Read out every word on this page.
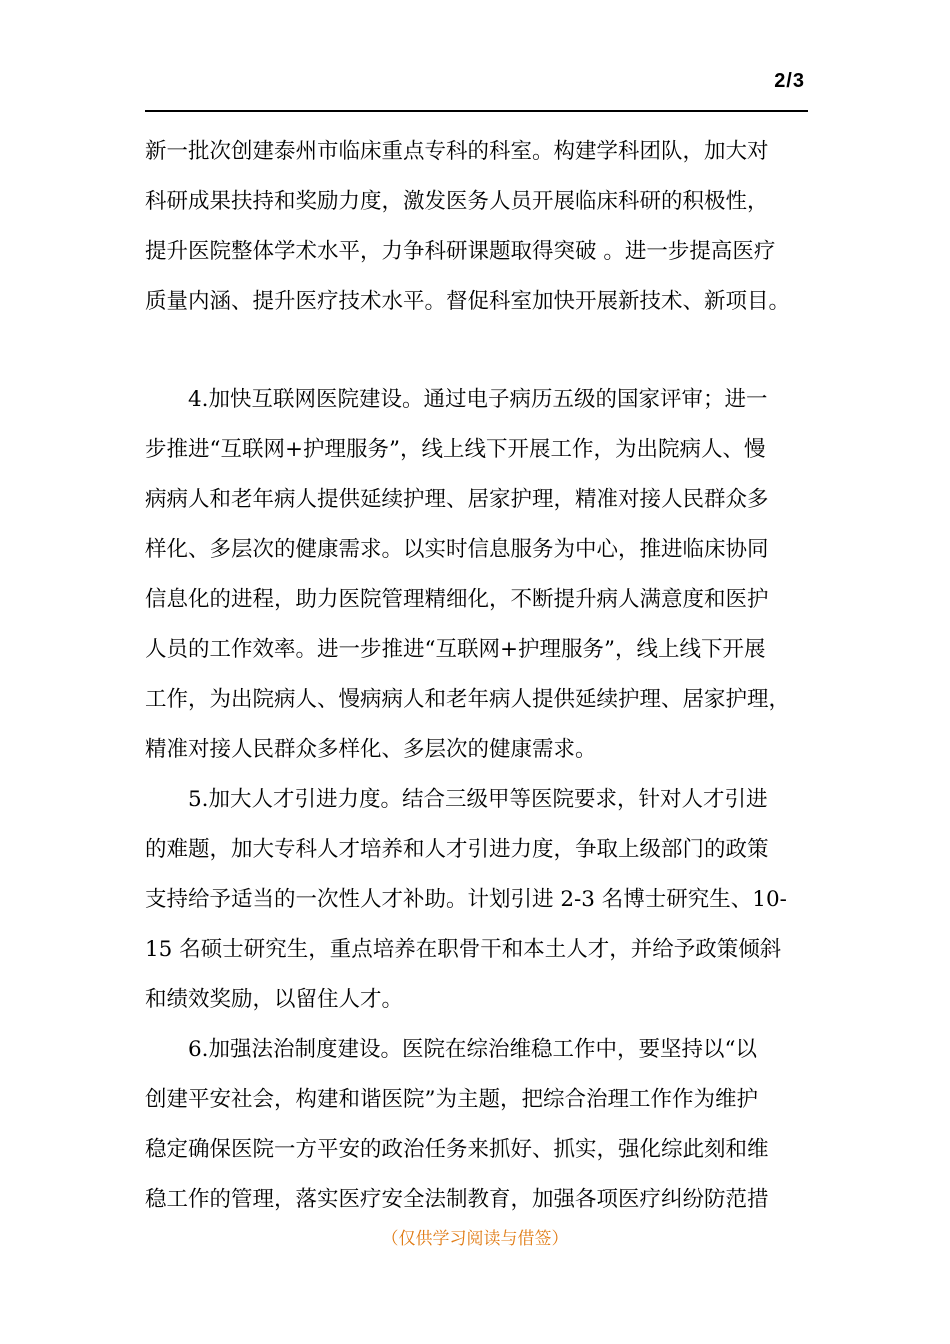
2/3
新一批次创建泰州市临床重点专科的科室。构建学科团队，加大对
科研成果扶持和奖励力度，激发医务人员开展临床科研的积极性，
提升医院整体学术水平，力争科研课题取得突破 。进一步提高医疗
质量内涵、提升医疗技术水平。督促科室加快开展新技术、新项目。
4.加快互联网医院建设。通过电子病历五级的国家评审；进一
步推进“互联网+护理服务”，线上线下开展工作，为出院病人、慢
病病人和老年病人提供延续护理、居家护理，精准对接人民群众多
样化、多层次的健康需求。以实时信息服务为中心，推进临床协同
信息化的进程，助力医院管理精细化，不断提升病人满意度和医护
人员的工作效率。进一步推进“互联网+护理服务”，线上线下开展
工作，为出院病人、慢病病人和老年病人提供延续护理、居家护理，
精准对接人民群众多样化、多层次的健康需求。
5.加大人才引进力度。结合三级甲等医院要求，针对人才引进
的难题，加大专科人才培养和人才引进力度，争取上级部门的政策
支持给予适当的一次性人才补助。计划引进 2-3 名博士研究生、10-
15 名硕士研究生，重点培养在职骨干和本土人才，并给予政策倾斜
和绩效奖励，以留住人才。
6.加强法治制度建设。医院在综治维稳工作中，要坚持以“以
创建平安社会，构建和谐医院”为主题，把综合治理工作作为维护
稳定确保医院一方平安的政治任务来抓好、抓实，强化综此刻和维
稳工作的管理，落实医疗安全法制教育，加强各项医疗纠纷防范措
（仅供学习阅读与借签）
